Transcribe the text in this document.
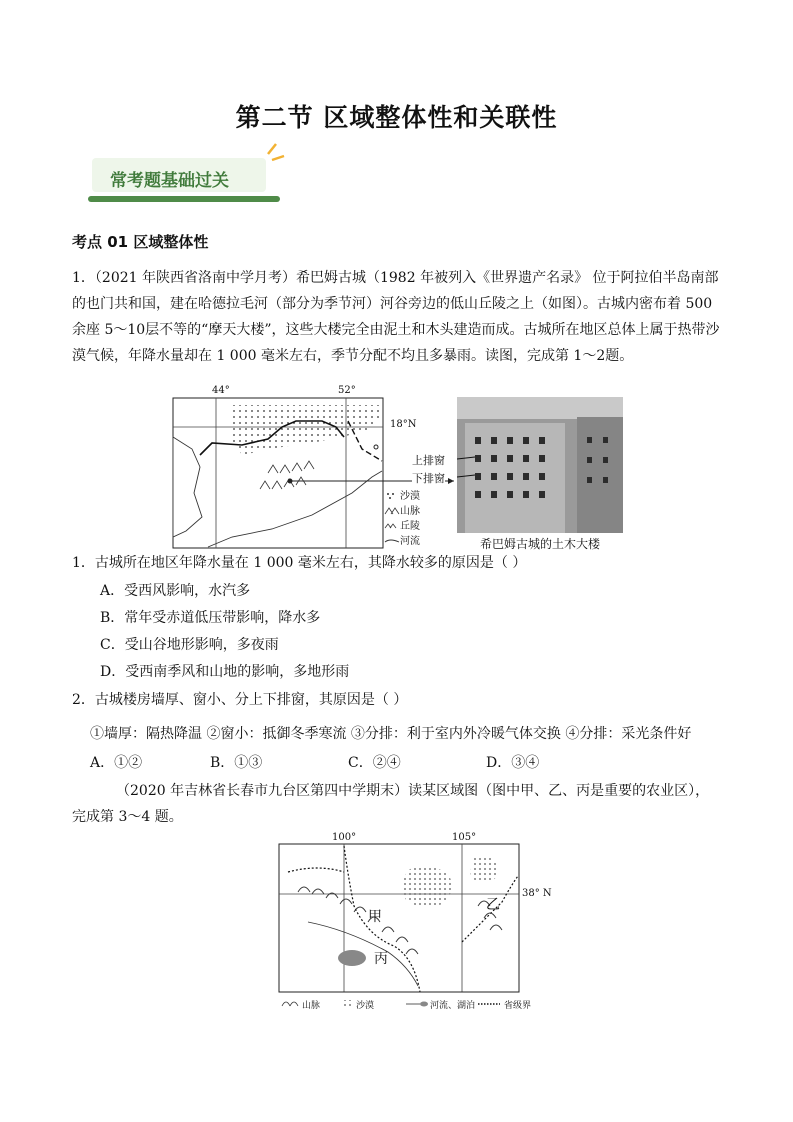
第二节 区域整体性和关联性
常考题基础过关
考点 01 区域整体性
1．（2021 年陕西省洛南中学月考）希巴姆古城（1982 年被列入《世界遗产名录》 位于阿拉伯半岛南部的也门共和国，建在哈德拉毛河（部分为季节河）河谷旁边的低山丘陵之上（如图）。古城内密布着 500 余座 5～10层不等的“摩天大楼”，这些大楼完全由泥土和木头建造而成。古城所在地区总体上属于热带沙漠气候，年降水量却在 1 000 毫米左右，季节分配不均且多暴雨。读图，完成第 1～2题。
44°	52°
18°N
沙漠
山脉
丘陵
河流
上排窗
下排窗
希巴姆古城的土木大楼
1．古城所在地区年降水量在 1 000 毫米左右，其降水较多的原因是（ ）
A．受西风影响，水汽多
B．常年受赤道低压带影响，降水多
C．受山谷地形影响，多夜雨
D．受西南季风和山地的影响，多地形雨
2．古城楼房墙厚、窗小、分上下排窗，其原因是（ ）
①墙厚：隔热降温 ②窗小：抵御冬季寒流 ③分排：利于室内外冷暖气体交换 ④分排：采光条件好
A．①②	B．①③	C．②④	D．③④
（2020 年吉林省长春市九台区第四中学期末）读某区域图（图中甲、乙、丙是重要的农业区），完成第 3～4 题。
100°	105°
38° N
甲
乙
丙
山脉	沙漠	河流、湖泊	省级界
